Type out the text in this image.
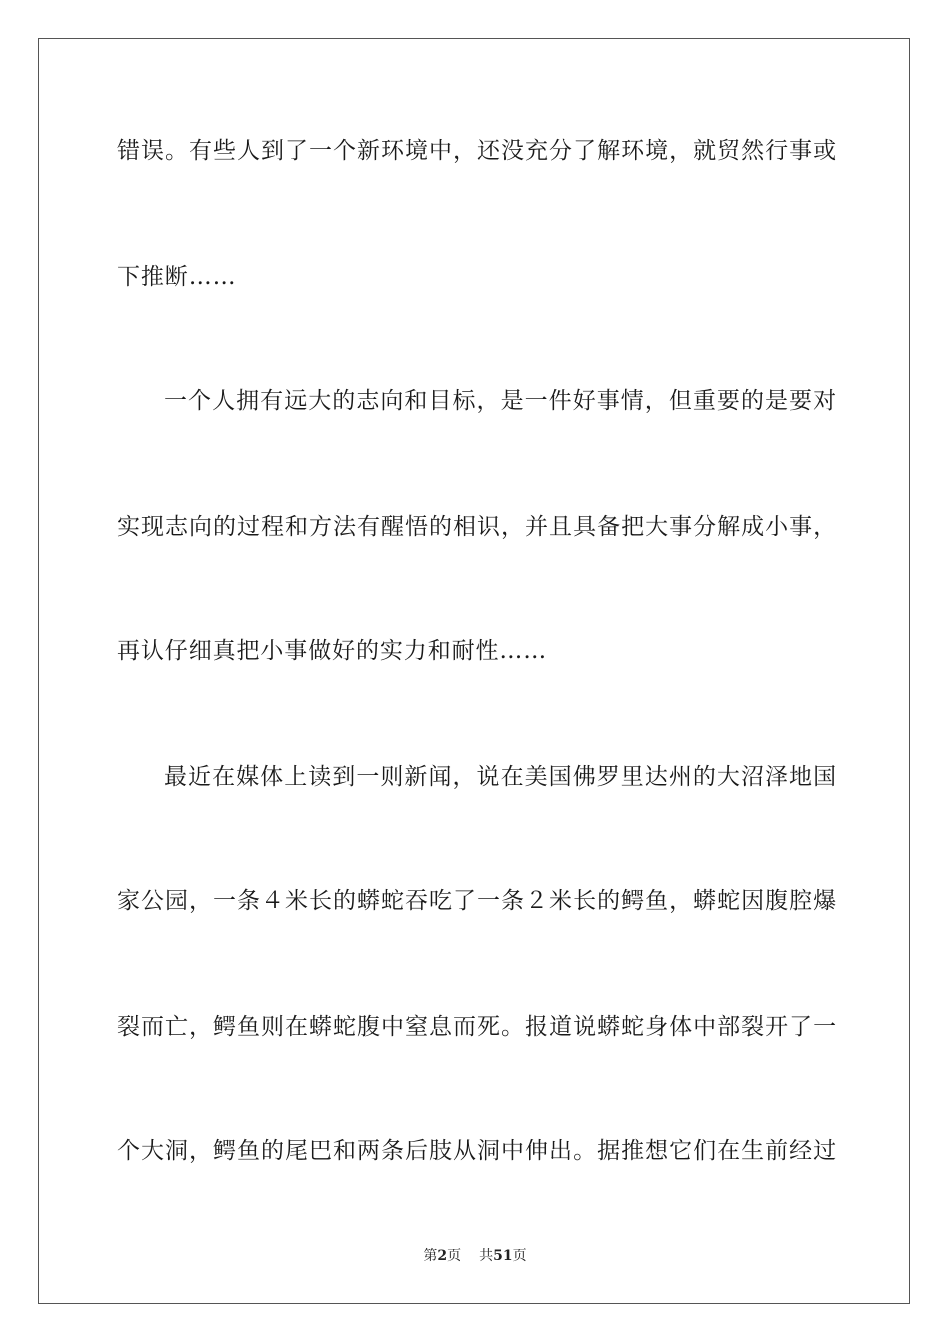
错误。有些人到了一个新环境中，还没充分了解环境，就贸然行事或
下推断……
一个人拥有远大的志向和目标，是一件好事情，但重要的是要对
实现志向的过程和方法有醒悟的相识，并且具备把大事分解成小事，
再认仔细真把小事做好的实力和耐性……
最近在媒体上读到一则新闻，说在美国佛罗里达州的大沼泽地国
家公园，一条４米长的蟒蛇吞吃了一条２米长的鳄鱼，蟒蛇因腹腔爆
裂而亡，鳄鱼则在蟒蛇腹中窒息而死。报道说蟒蛇身体中部裂开了一
个大洞，鳄鱼的尾巴和两条后肢从洞中伸出。据推想它们在生前经过
第2页 共51页
